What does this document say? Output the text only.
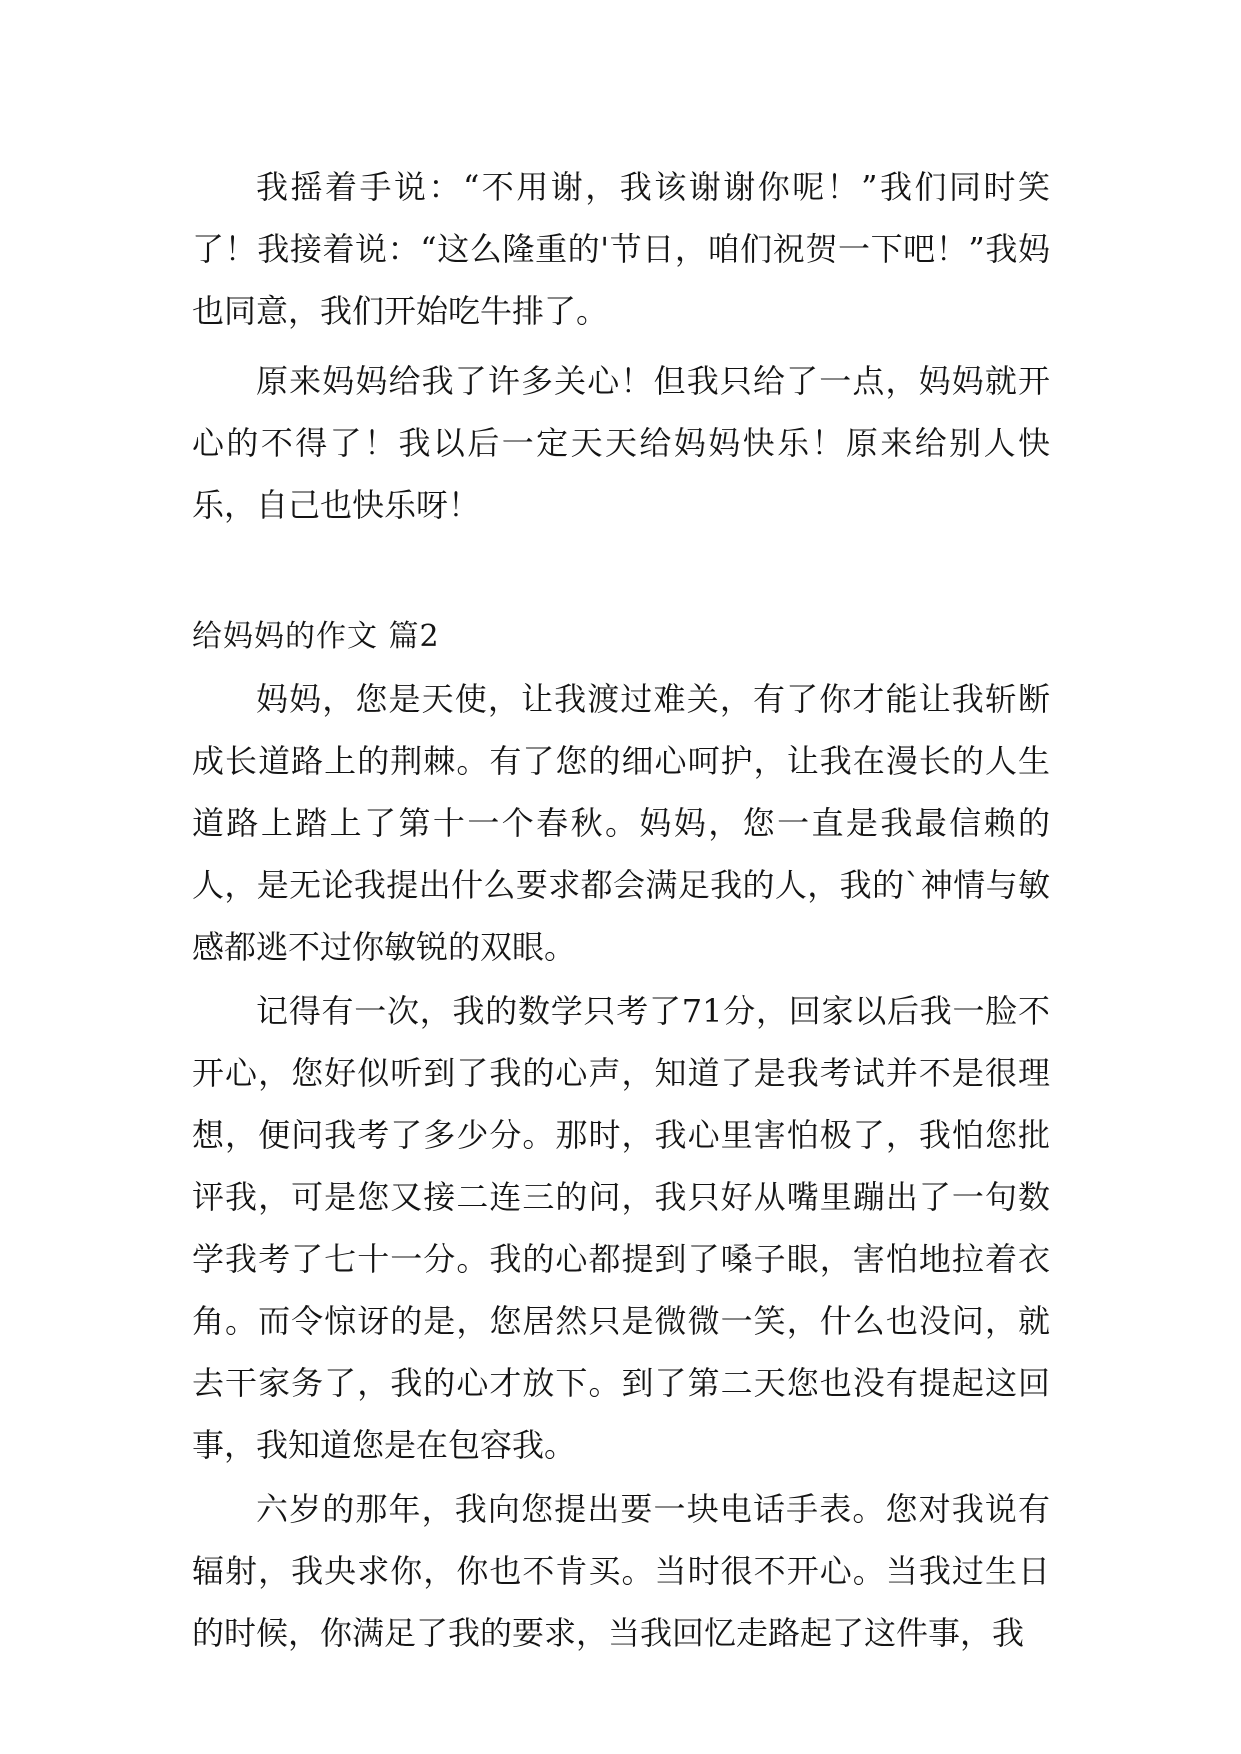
我摇着手说：“不用谢，我该谢谢你呢！”我们同时笑了！我接着说：“这么隆重的'节日，咱们祝贺一下吧！”我妈也同意，我们开始吃牛排了。

原来妈妈给我了许多关心！但我只给了一点，妈妈就开心的不得了！我以后一定天天给妈妈快乐！原来给别人快乐，自己也快乐呀！

给妈妈的作文 篇2

妈妈，您是天使，让我渡过难关，有了你才能让我斩断成长道路上的荆棘。有了您的细心呵护，让我在漫长的人生道路上踏上了第十一个春秋。妈妈，您一直是我最信赖的人，是无论我提出什么要求都会满足我的人，我的`神情与敏感都逃不过你敏锐的双眼。

记得有一次，我的数学只考了71分，回家以后我一脸不开心，您好似听到了我的心声，知道了是我考试并不是很理想，便问我考了多少分。那时，我心里害怕极了，我怕您批评我，可是您又接二连三的问，我只好从嘴里蹦出了一句数学我考了七十一分。我的心都提到了嗓子眼，害怕地拉着衣角。而令惊讶的是，您居然只是微微一笑，什么也没问，就去干家务了，我的心才放下。到了第二天您也没有提起这回事，我知道您是在包容我。

六岁的那年，我向您提出要一块电话手表。您对我说有辐射，我央求你，你也不肯买。当时很不开心。当我过生日的时候，你满足了我的要求，当我回忆走路起了这件事，我
